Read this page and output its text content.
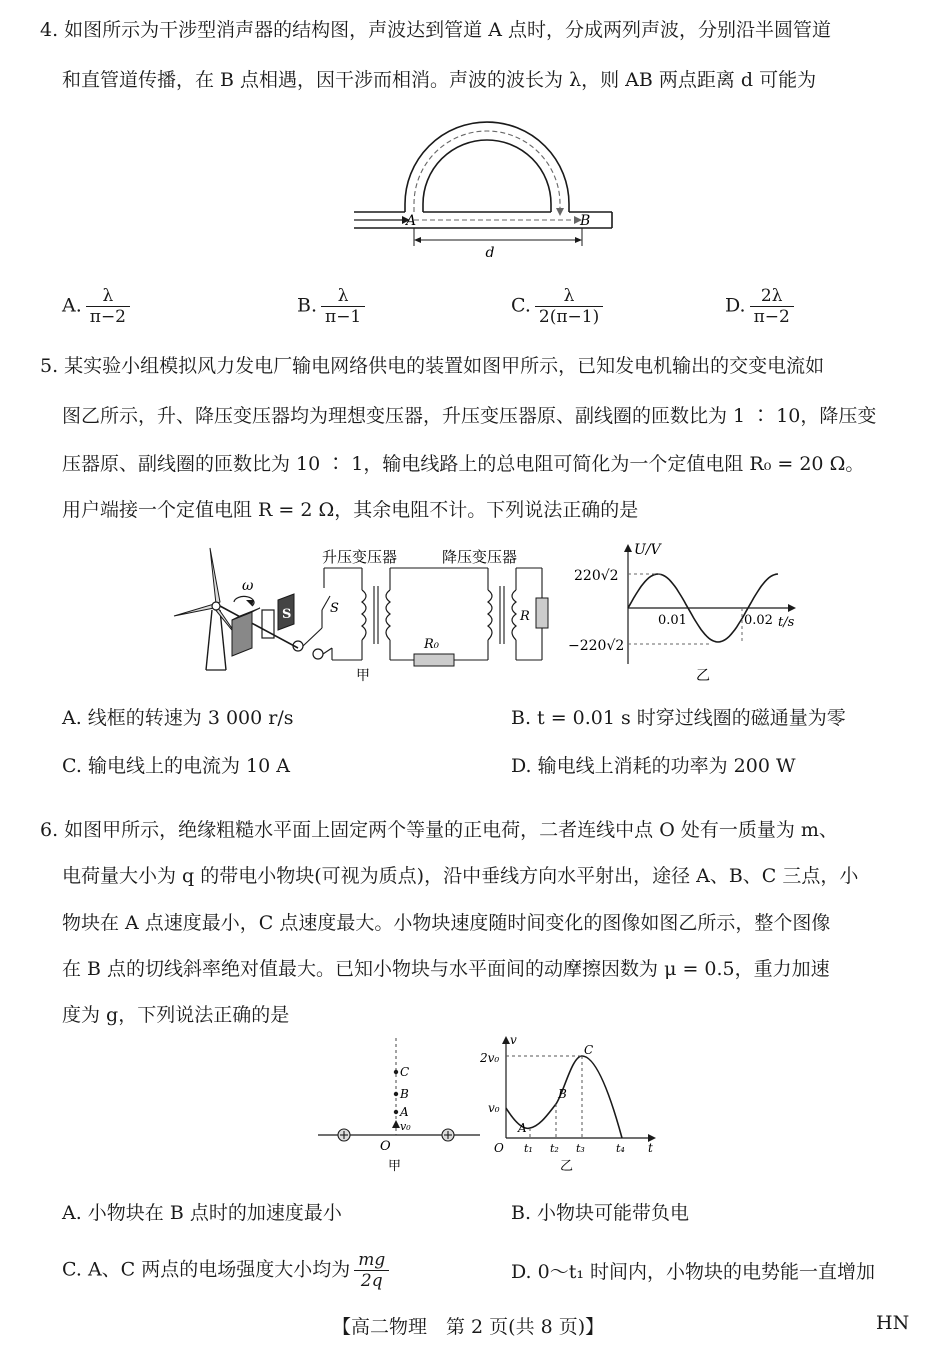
4. 如图所示为干涉型消声器的结构图，声波达到管道 A 点时，分成两列声波，分别沿半圆管道
和直管道传播，在 B 点相遇，因干涉而相消。声波的波长为 λ，则 AB 两点距离 d 可能为
A	B
d
A. $\frac{\lambda}{\pi-2}$	B. $\frac{\lambda}{\pi-1}$	C. $\frac{\lambda}{2(\pi-1)}$	D. $\frac{2\lambda}{\pi-2}$
5. 某实验小组模拟风力发电厂输电网络供电的装置如图甲所示，已知发电机输出的交变电流如
图乙所示，升、降压变压器均为理想变压器，升压变压器原、副线圈的匝数比为 1 ∶ 10，降压变
压器原、副线圈的匝数比为 10 ∶ 1，输电线路上的总电阻可简化为一个定值电阻 R₀ = 20 Ω。
用户端接一个定值电阻 R = 2 Ω，其余电阻不计。下列说法正确的是
ω
S	S
升压变压器
R₀
降压变压器
R
甲
U/V
t/s
220√2
−220√2
0.01	0.02
乙
A. 线框的转速为 3 000 r/s	B. t = 0.01 s 时穿过线圈的磁通量为零
C. 输电线上的电流为 10 A	D. 输电线上消耗的功率为 200 W
6. 如图甲所示，绝缘粗糙水平面上固定两个等量的正电荷，二者连线中点 O 处有一质量为 m、
电荷量大小为 q 的带电小物块(可视为质点)，沿中垂线方向水平射出，途径 A、B、C 三点，小
物块在 A 点速度最小，C 点速度最大。小物块速度随时间变化的图像如图乙所示，整个图像
在 B 点的切线斜率绝对值最大。已知小物块与水平面间的动摩擦因数为 μ = 0.5，重力加速
度为 g，下列说法正确的是
C
B
A
v₀
O
甲
2v₀
v₀
v
t
O
A
B
C
t₁ t₂ t₃	t₄
乙
A. 小物块在 B 点时的加速度最小	B. 小物块可能带负电
C. A、C 两点的电场强度大小均为 $\frac{mg}{2q}$	D. 0～t₁ 时间内，小物块的电势能一直增加
【高二物理　第 2 页(共 8 页)】	HN
